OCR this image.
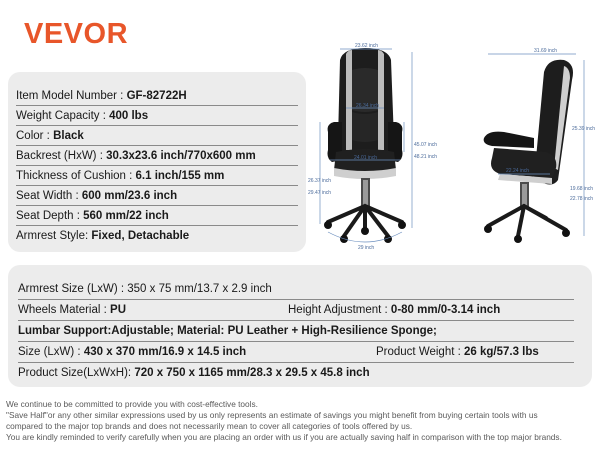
VEVOR
Item Model Number : GF-82722H
Weight Capacity : 400 lbs
Color : Black
Backrest (HxW) : 30.3x23.6 inch/770x600 mm
Thickness of Cushion : 6.1 inch/155 mm
Seat Width : 600 mm/23.6 inch
Seat Depth : 560 mm/22 inch
Armrest Style: Fixed, Detachable
23.62 inch
26.34 inch
24.01 inch
26.37 inch
29.47 inch
45.07 inch
48.21 inch
29 inch
31.69 inch
25.39 inch
22.24 inch
19.68 inch
22.78 inch
Armrest Size (LxW) : 350 x 75 mm/13.7 x 2.9 inch
Wheels Material : PU	Height Adjustment : 0-80 mm/0-3.14 inch
Lumbar Support:Adjustable; Material: PU Leather + High-Resilience Sponge;
Size (LxW) : 430 x 370 mm/16.9 x 14.5 inch	Product Weight : 26 kg/57.3 lbs
Product Size(LxWxH): 720 x 750 x 1165 mm/28.3 x 29.5 x 45.8 inch
We continue to be committed to provide you with cost-effective tools.
"Save Half"or any other similar expressions used by us only represents an estimate of savings you might benefit from buying certain tools with us
compared to the major top brands and does not necessarily mean to cover all categories of tools offered by us.
You are kindly reminded to verify carefully when you are placing an order with us if you are actually saving half in comparison with the top major brands.
